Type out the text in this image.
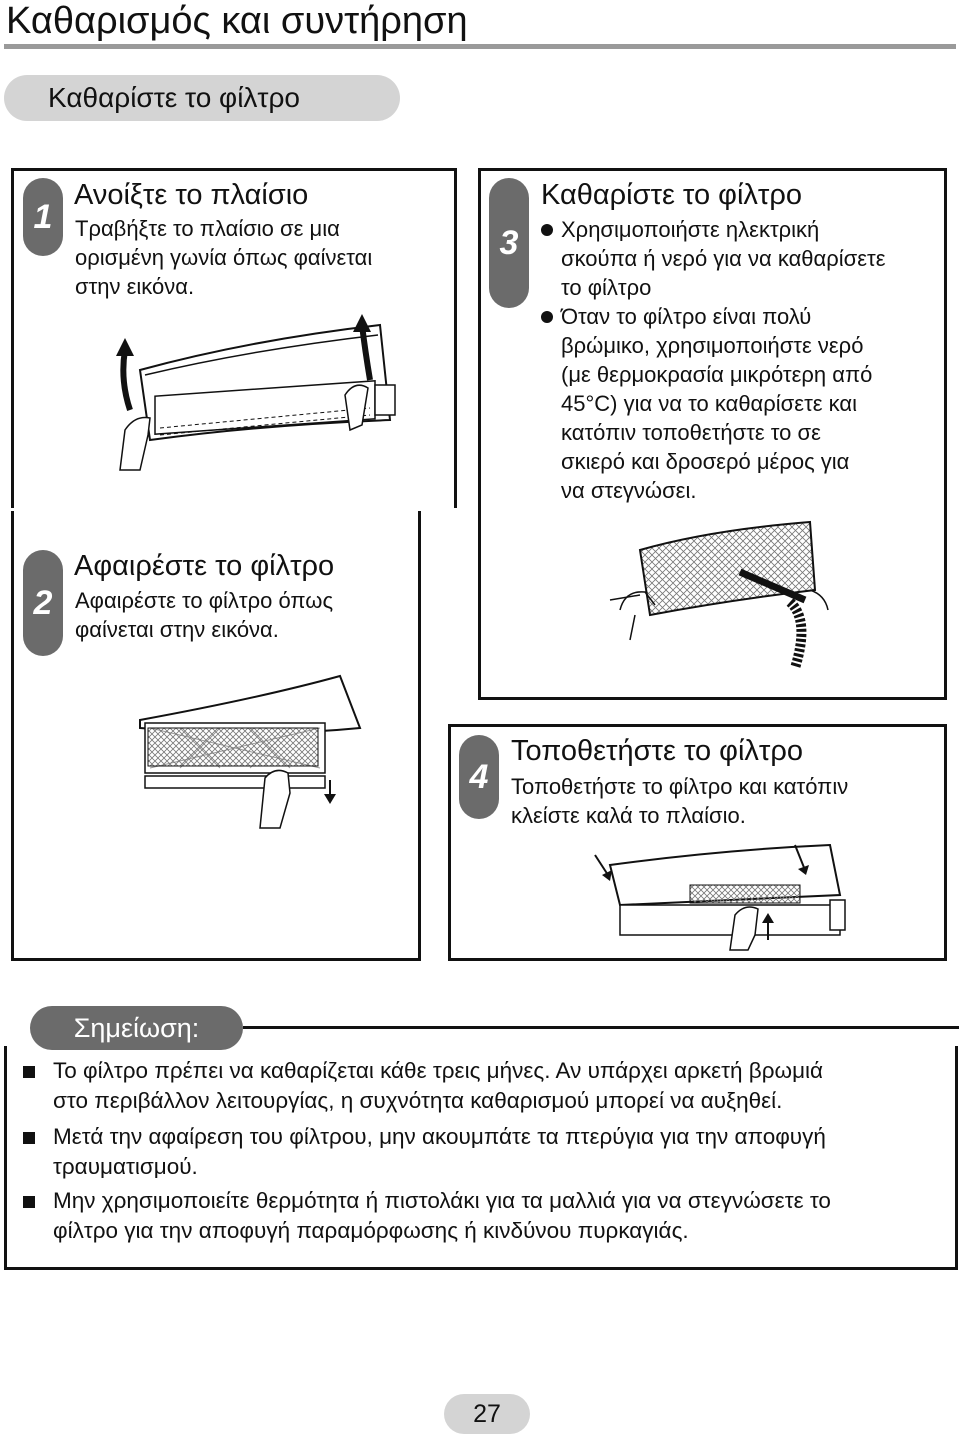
Καθαρισμός και συντήρηση
Καθαρίστε το φίλτρο
1
Ανοίξτε το πλαίσιο
Τραβήξτε το πλαίσιο σε μια
ορισμένη γωνία όπως φαίνεται
στην εικόνα.
2
Αφαιρέστε το φίλτρο
Αφαιρέστε το φίλτρο όπως
φαίνεται στην εικόνα.
3
Καθαρίστε το φίλτρο
Χρησιμοποιήστε ηλεκτρική
σκούπα ή νερό για να καθαρίσετε
το φίλτρο
Όταν το φίλτρο είναι πολύ
βρώμικο, χρησιμοποιήστε νερό
(με θερμοκρασία μικρότερη από
45°C) για να το καθαρίσετε και
κατόπιν τοποθετήστε το σε
σκιερό και δροσερό μέρος για
να στεγνώσει.
4
Τοποθετήστε το φίλτρο
Τοποθετήστε το φίλτρο και κατόπιν
κλείστε καλά το πλαίσιο.
Σημείωση:
Το φίλτρο πρέπει να καθαρίζεται κάθε τρεις μήνες. Αν υπάρχει αρκετή βρωμιά
στο περιβάλλον λειτουργίας, η συχνότητα καθαρισμού μπορεί να αυξηθεί.
Μετά την αφαίρεση του φίλτρου, μην ακουμπάτε τα πτερύγια για την αποφυγή
τραυματισμού.
Μην χρησιμοποιείτε θερμότητα ή πιστολάκι για τα μαλλιά για να στεγνώσετε το
φίλτρο για την αποφυγή παραμόρφωσης ή κινδύνου πυρκαγιάς.
27
